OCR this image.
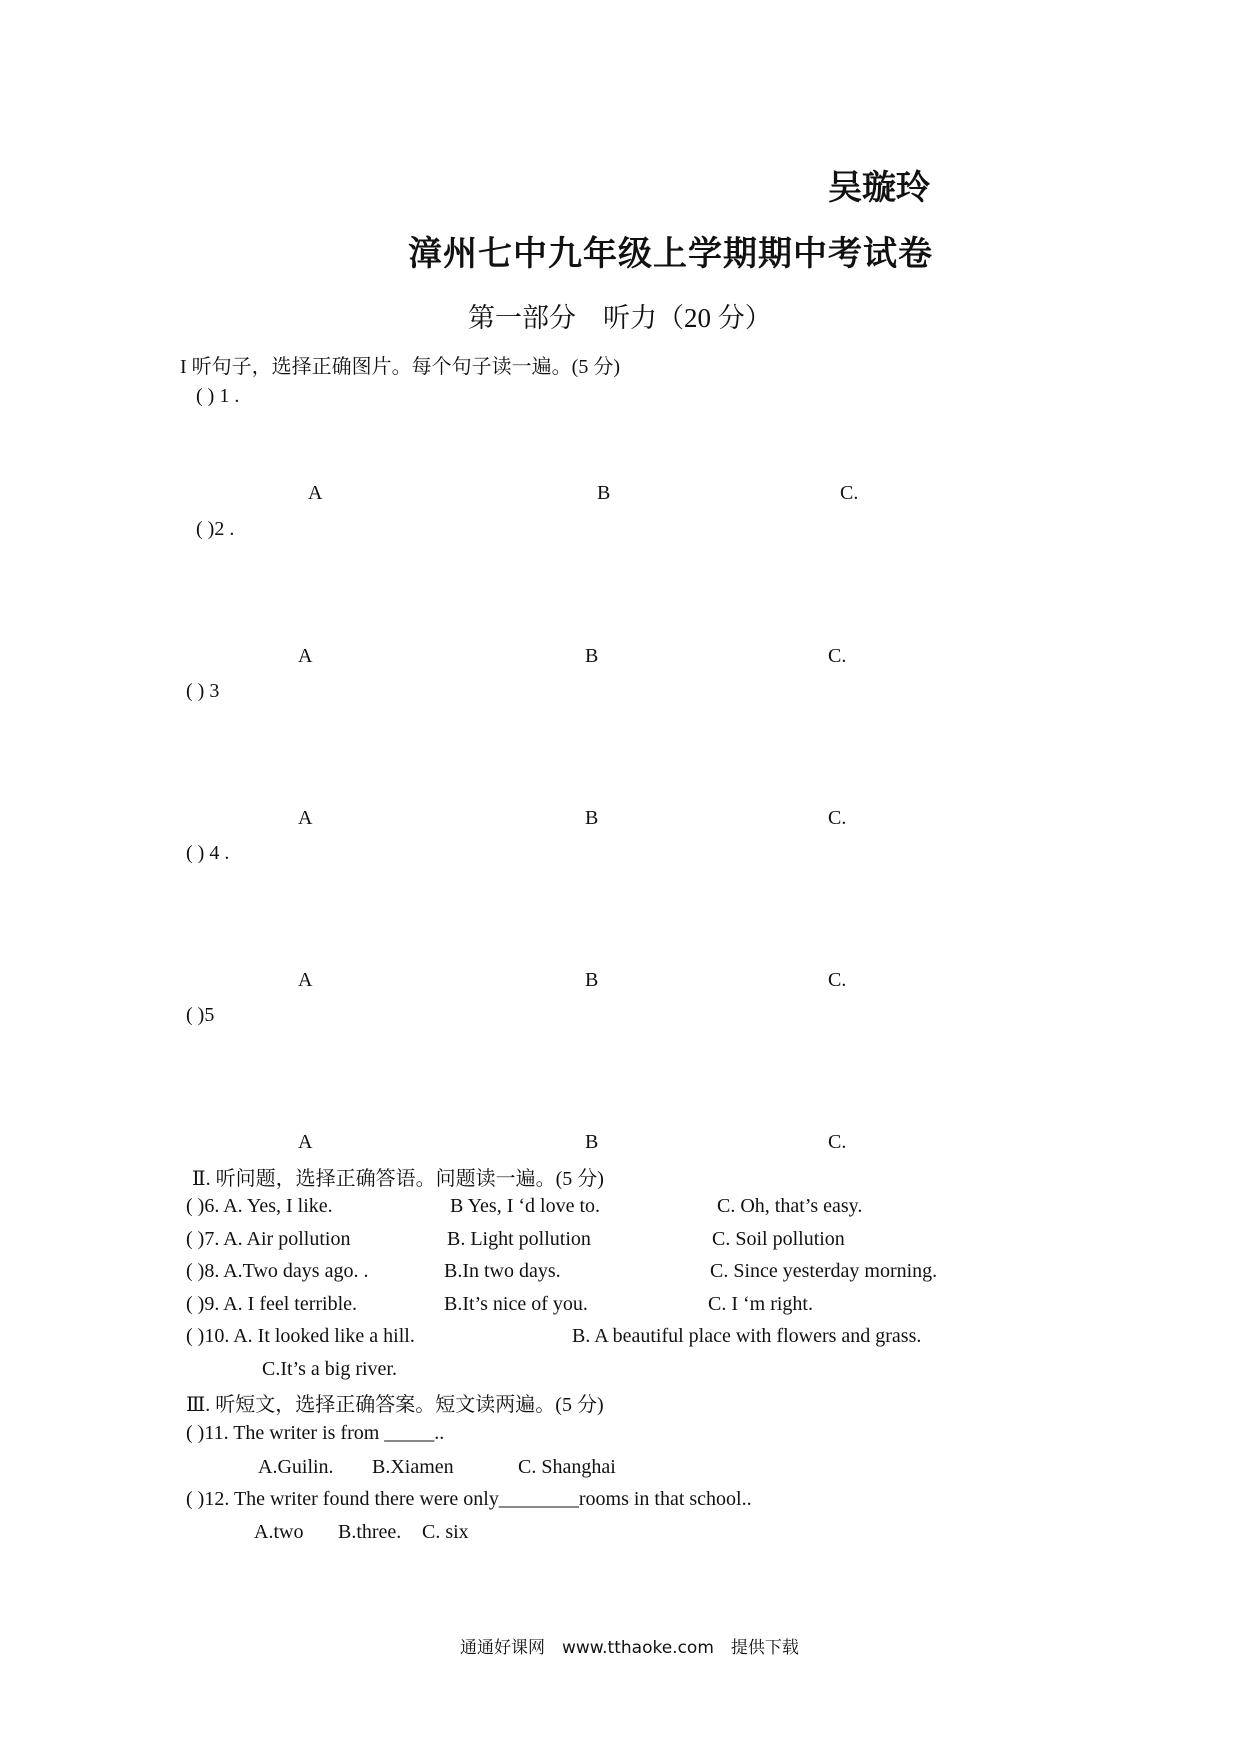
吴璇玲
漳州七中九年级上学期期中考试卷
第一部分　听力（20 分）
I 听句子，选择正确图片。每个句子读一遍。(5 分)
( ) 1 .
A	B	C.
( )2 .
A	B	C.
( ) 3
A	B	C.
( ) 4 .
A	B	C.
( )5
A	B	C.
Ⅱ. 听问题，选择正确答语。问题读一遍。(5 分)
( )6. A. Yes, I like.	B Yes, I ‘d love to.	C. Oh, that’s easy.
( )7. A. Air pollution	B. Light pollution	C. Soil pollution
( )8. A.Two days ago. .	B.In two days.	C. Since yesterday morning.
( )9. A. I feel terrible.	B.It’s nice of you.	C. I ‘m right.
( )10. A. It looked like a hill.	B. A beautiful place with flowers and grass.
C.It’s a big river.
Ⅲ. 听短文，选择正确答案。短文读两遍。(5 分)
( )11. The writer is from _____..
A.Guilin. B.Xiamen	C. Shanghai
( )12. The writer found there were only________rooms in that school..
A.two B.three. C. six
通通好课网　www.tthaoke.com　提供下载
